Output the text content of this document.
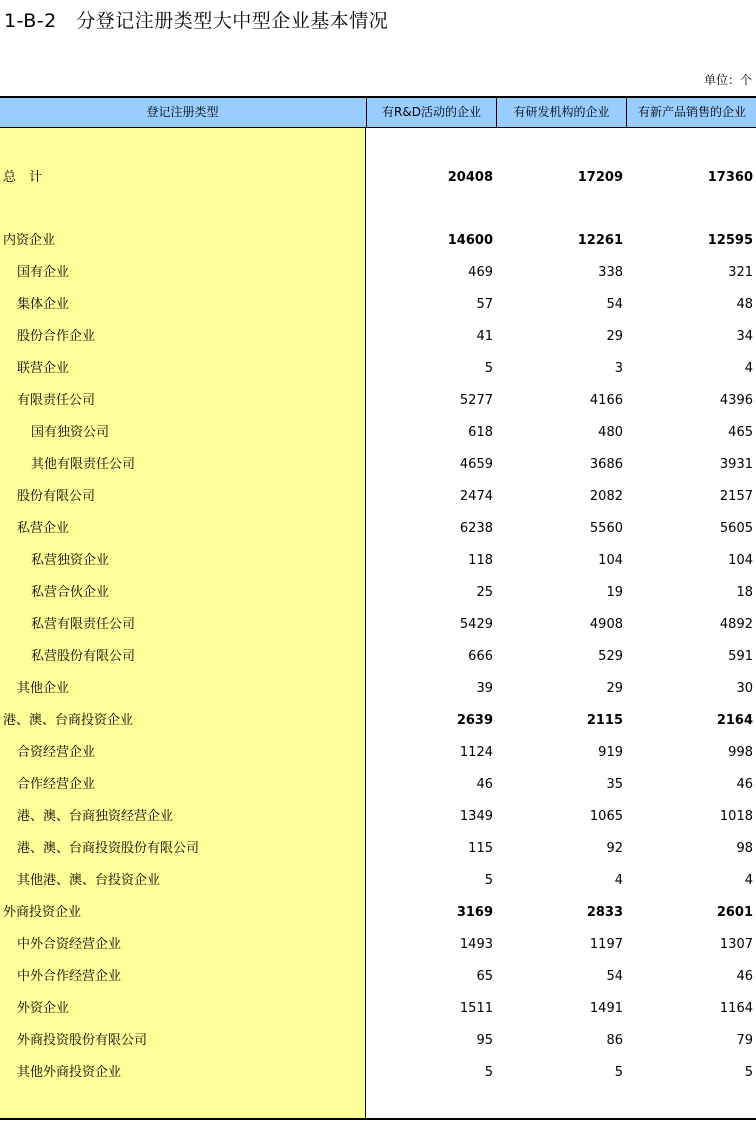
1-B-2　分登记注册类型大中型企业基本情况
单位：个
登记注册类型	有R&D活动的企业	有研发机构的企业	有新产品销售的企业
总　计	20408	17209	17360
内资企业	14600	12261	12595
国有企业	469	338	321
集体企业	57	54	48
股份合作企业	41	29	34
联营企业	5	3	4
有限责任公司	5277	4166	4396
国有独资公司	618	480	465
其他有限责任公司	4659	3686	3931
股份有限公司	2474	2082	2157
私营企业	6238	5560	5605
私营独资企业	118	104	104
私营合伙企业	25	19	18
私营有限责任公司	5429	4908	4892
私营股份有限公司	666	529	591
其他企业	39	29	30
港、澳、台商投资企业	2639	2115	2164
合资经营企业	1124	919	998
合作经营企业	46	35	46
港、澳、台商独资经营企业	1349	1065	1018
港、澳、台商投资股份有限公司	115	92	98
其他港、澳、台投资企业	5	4	4
外商投资企业	3169	2833	2601
中外合资经营企业	1493	1197	1307
中外合作经营企业	65	54	46
外资企业	1511	1491	1164
外商投资股份有限公司	95	86	79
其他外商投资企业	5	5	5
